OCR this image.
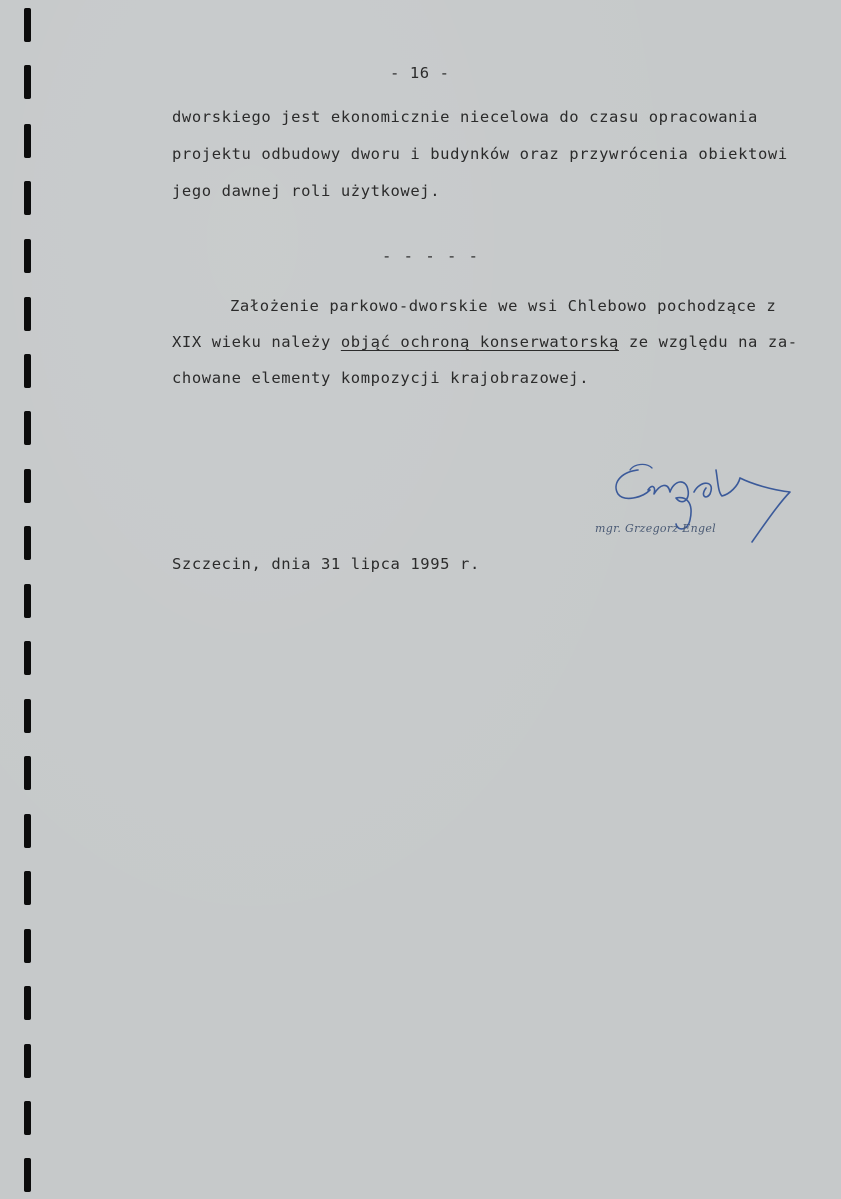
- 16 -
dworskiego jest ekonomicznie niecelowa do czasu opracowania
projektu odbudowy dworu i budynków oraz przywrócenia obiektowi
jego dawnej roli użytkowej.
- - - - -
Założenie parkowo-dworskie we wsi Chlebowo pochodzące z
XIX wieku należy objąć ochroną konserwatorską ze względu na za-
chowane elementy kompozycji krajobrazowej.
mgr. Grzegorz Engel
Szczecin, dnia 31 lipca 1995 r.
